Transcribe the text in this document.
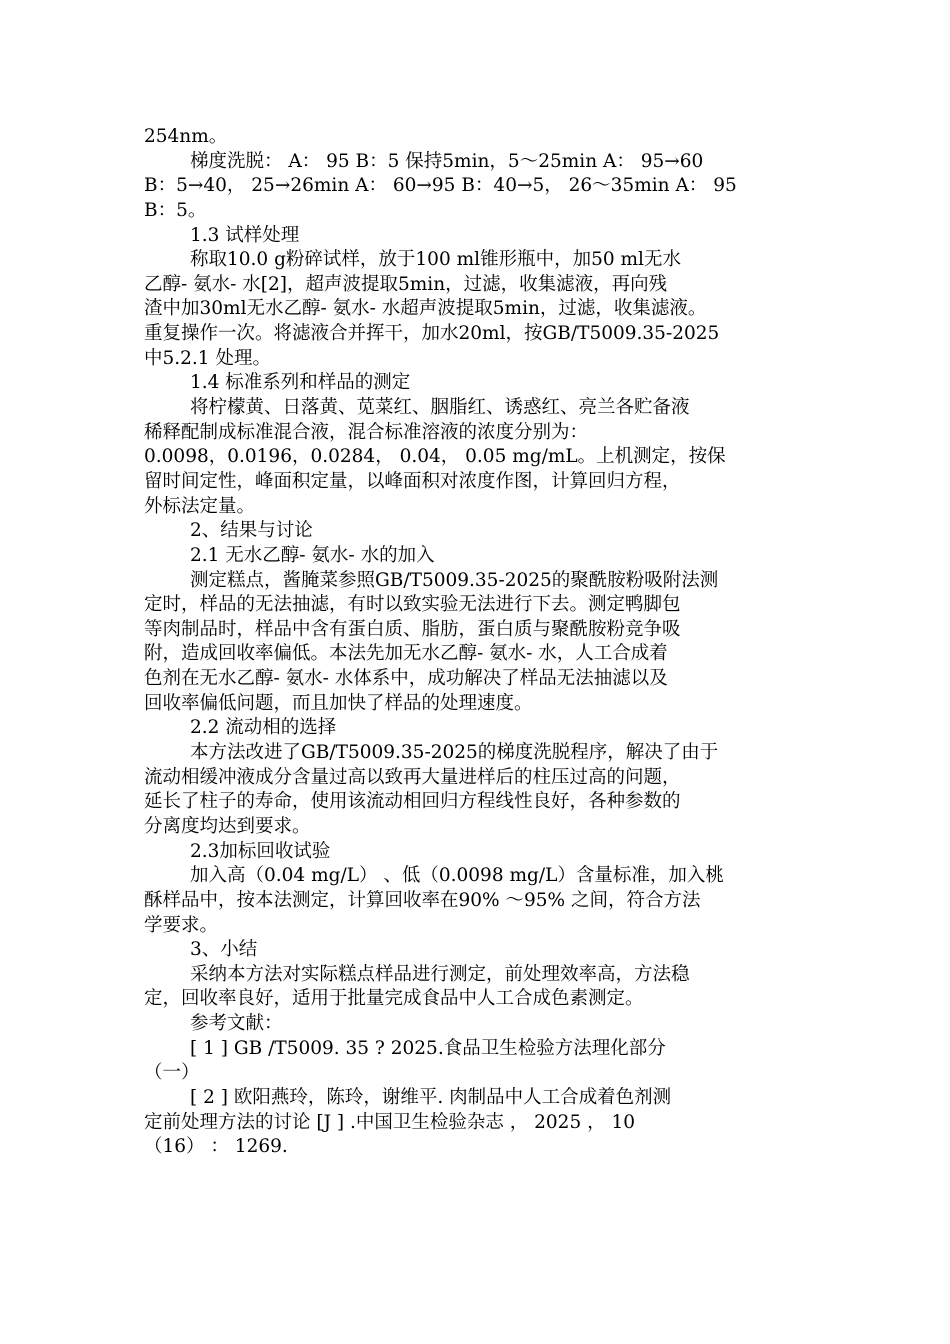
254nm。
梯度洗脱： A： 95 B：5 保持5min，5～25min A： 95→60
B：5→40， 25→26min A： 60→95 B：40→5， 26～35min A： 95
B：5。
1.3 试样处理
称取10.0 g粉碎试样，放于100 ml锥形瓶中，加50 ml无水
乙醇- 氨水- 水[2]，超声波提取5min，过滤，收集滤液，再向残
渣中加30ml无水乙醇- 氨水- 水超声波提取5min，过滤，收集滤液。
重复操作一次。将滤液合并挥干，加水20ml，按GB/T5009.35-2025
中5.2.1 处理。
1.4 标准系列和样品的测定
将柠檬黄、日落黄、苋菜红、胭脂红、诱惑红、亮兰各贮备液
稀释配制成标准混合液，混合标准溶液的浓度分别为：
0.0098，0.0196，0.0284， 0.04， 0.05 mg/mL。上机测定，按保
留时间定性，峰面积定量，以峰面积对浓度作图，计算回归方程，
外标法定量。
2、结果与讨论
2.1 无水乙醇- 氨水- 水的加入
测定糕点，酱腌菜参照GB/T5009.35-2025的聚酰胺粉吸附法测
定时，样品的无法抽滤，有时以致实验无法进行下去。测定鸭脚包
等肉制品时，样品中含有蛋白质、脂肪，蛋白质与聚酰胺粉竞争吸
附，造成回收率偏低。本法先加无水乙醇- 氨水- 水，人工合成着
色剂在无水乙醇- 氨水- 水体系中，成功解决了样品无法抽滤以及
回收率偏低问题，而且加快了样品的处理速度。
2.2 流动相的选择
本方法改进了GB/T5009.35-2025的梯度洗脱程序，解决了由于
流动相缓冲液成分含量过高以致再大量进样后的柱压过高的问题，
延长了柱子的寿命，使用该流动相回归方程线性良好，各种参数的
分离度均达到要求。
2.3加标回收试验
加入高（0.04 mg/L） 、低（0.0098 mg/L）含量标准，加入桃
酥样品中，按本法测定，计算回收率在90% ～95% 之间，符合方法
学要求。
3、小结
采纳本方法对实际糕点样品进行测定，前处理效率高，方法稳
定，回收率良好，适用于批量完成食品中人工合成色素测定。
参考文献：
[ 1 ] GB /T5009. 35 ? 2025.食品卫生检验方法理化部分
（一）
[ 2 ] 欧阳燕玲，陈玲，谢维平. 肉制品中人工合成着色剂测
定前处理方法的讨论 [J ] .中国卫生检验杂志 ， 2025 ， 10
（16） ： 1269.
